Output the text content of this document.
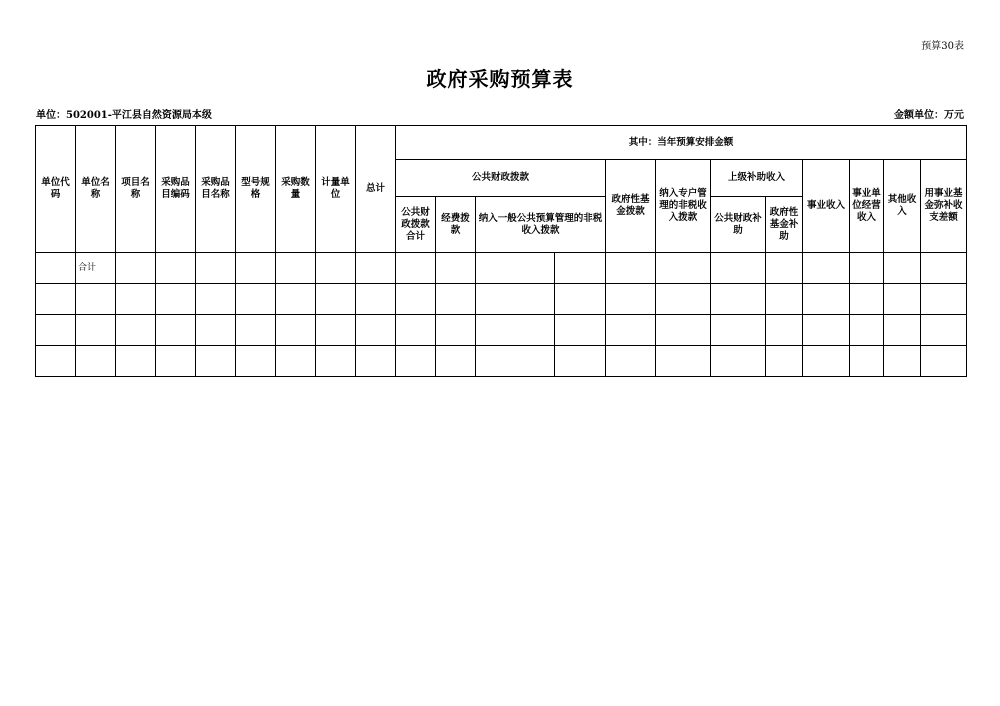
预算30表
政府采购预算表
单位：502001-平江县自然资源局本级	金额单位：万元
单位代码	单位名称	项目名称	采购品目编码	采购品目名称	型号规格	采购数量	计量单位	总计	其中：当年预算安排金额												
									公共财政拨款				政府性基金拨款	纳入专户管理的非税收入拨款	上级补助收入		事业收入	事业单位经营收入	其他收入	用事业基金弥补收支差额	
									公共财政拨款合计	经费拨款	纳入一般公共预算管理的非税收入拨款				公共财政补助	政府性基金补助					
	合计																				
